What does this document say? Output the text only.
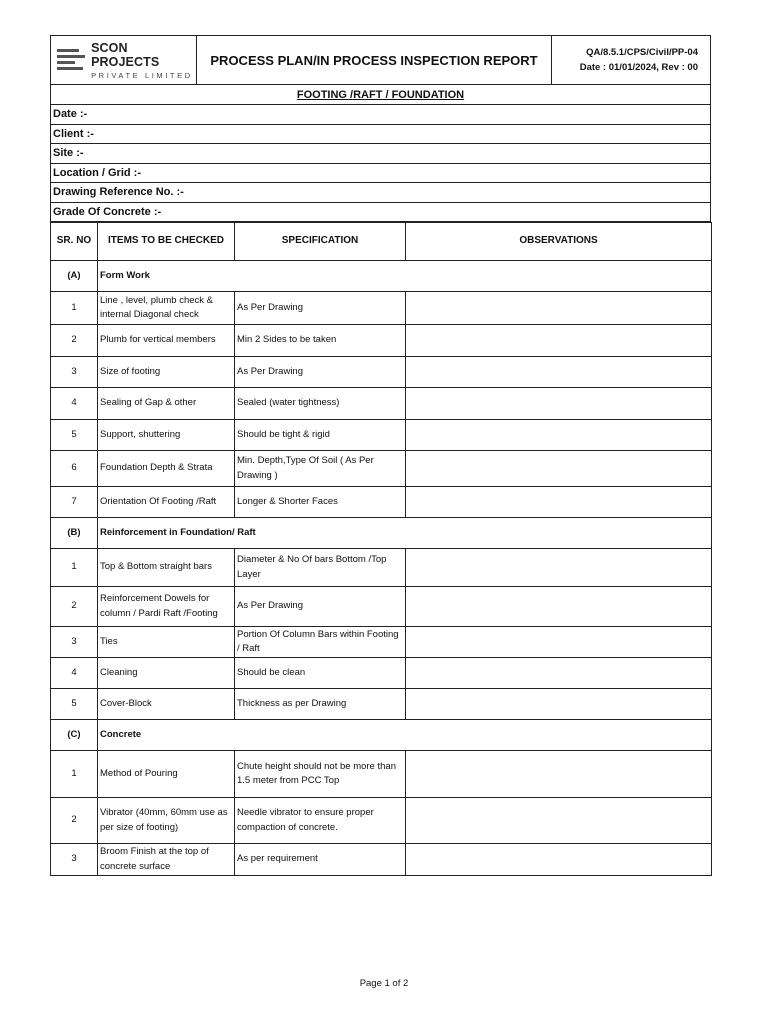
SCON PROJECTS
PRIVATE LIMITED
PROCESS PLAN/IN PROCESS INSPECTION REPORT	QA/8.5.1/CPS/Civil/PP-04
Date : 01/01/2024, Rev : 00
FOOTING /RAFT / FOUNDATION
Date :-
Client :-
Site :-
Location / Grid :-
Drawing Reference No. :-
Grade Of Concrete :-
SR. NO	ITEMS TO BE CHECKED	SPECIFICATION	OBSERVATIONS
(A)	Form Work		
1	Line , level, plumb check & internal Diagonal check	As Per Drawing	
2	Plumb for vertical members	Min 2 Sides to be taken	
3	Size of footing	As Per Drawing	
4	Sealing of Gap & other	Sealed (water tightness)	
5	Support, shuttering	Should be tight & rigid	
6	Foundation Depth & Strata	Min. Depth,Type Of Soil ( As Per Drawing )	
7	Orientation Of Footing /Raft	Longer & Shorter Faces	
(B)	Reinforcement in Foundation/ Raft		
1	Top & Bottom straight bars	Diameter & No Of bars Bottom /Top Layer	
2	Reinforcement Dowels for column / Pardi Raft /Footing	As Per Drawing	
3	Ties	Portion Of Column Bars within Footing / Raft	
4	Cleaning	Should be clean	
5	Cover-Block	Thickness as per Drawing	
(C)	Concrete		
1	Method of Pouring	Chute height should not be more than 1.5 meter from PCC Top	
2	Vibrator (40mm, 60mm use as per size of footing)	Needle vibrator to ensure proper compaction of concrete.	
3	Broom Finish at the top of concrete surface	As per requirement	
Page 1 of 2
